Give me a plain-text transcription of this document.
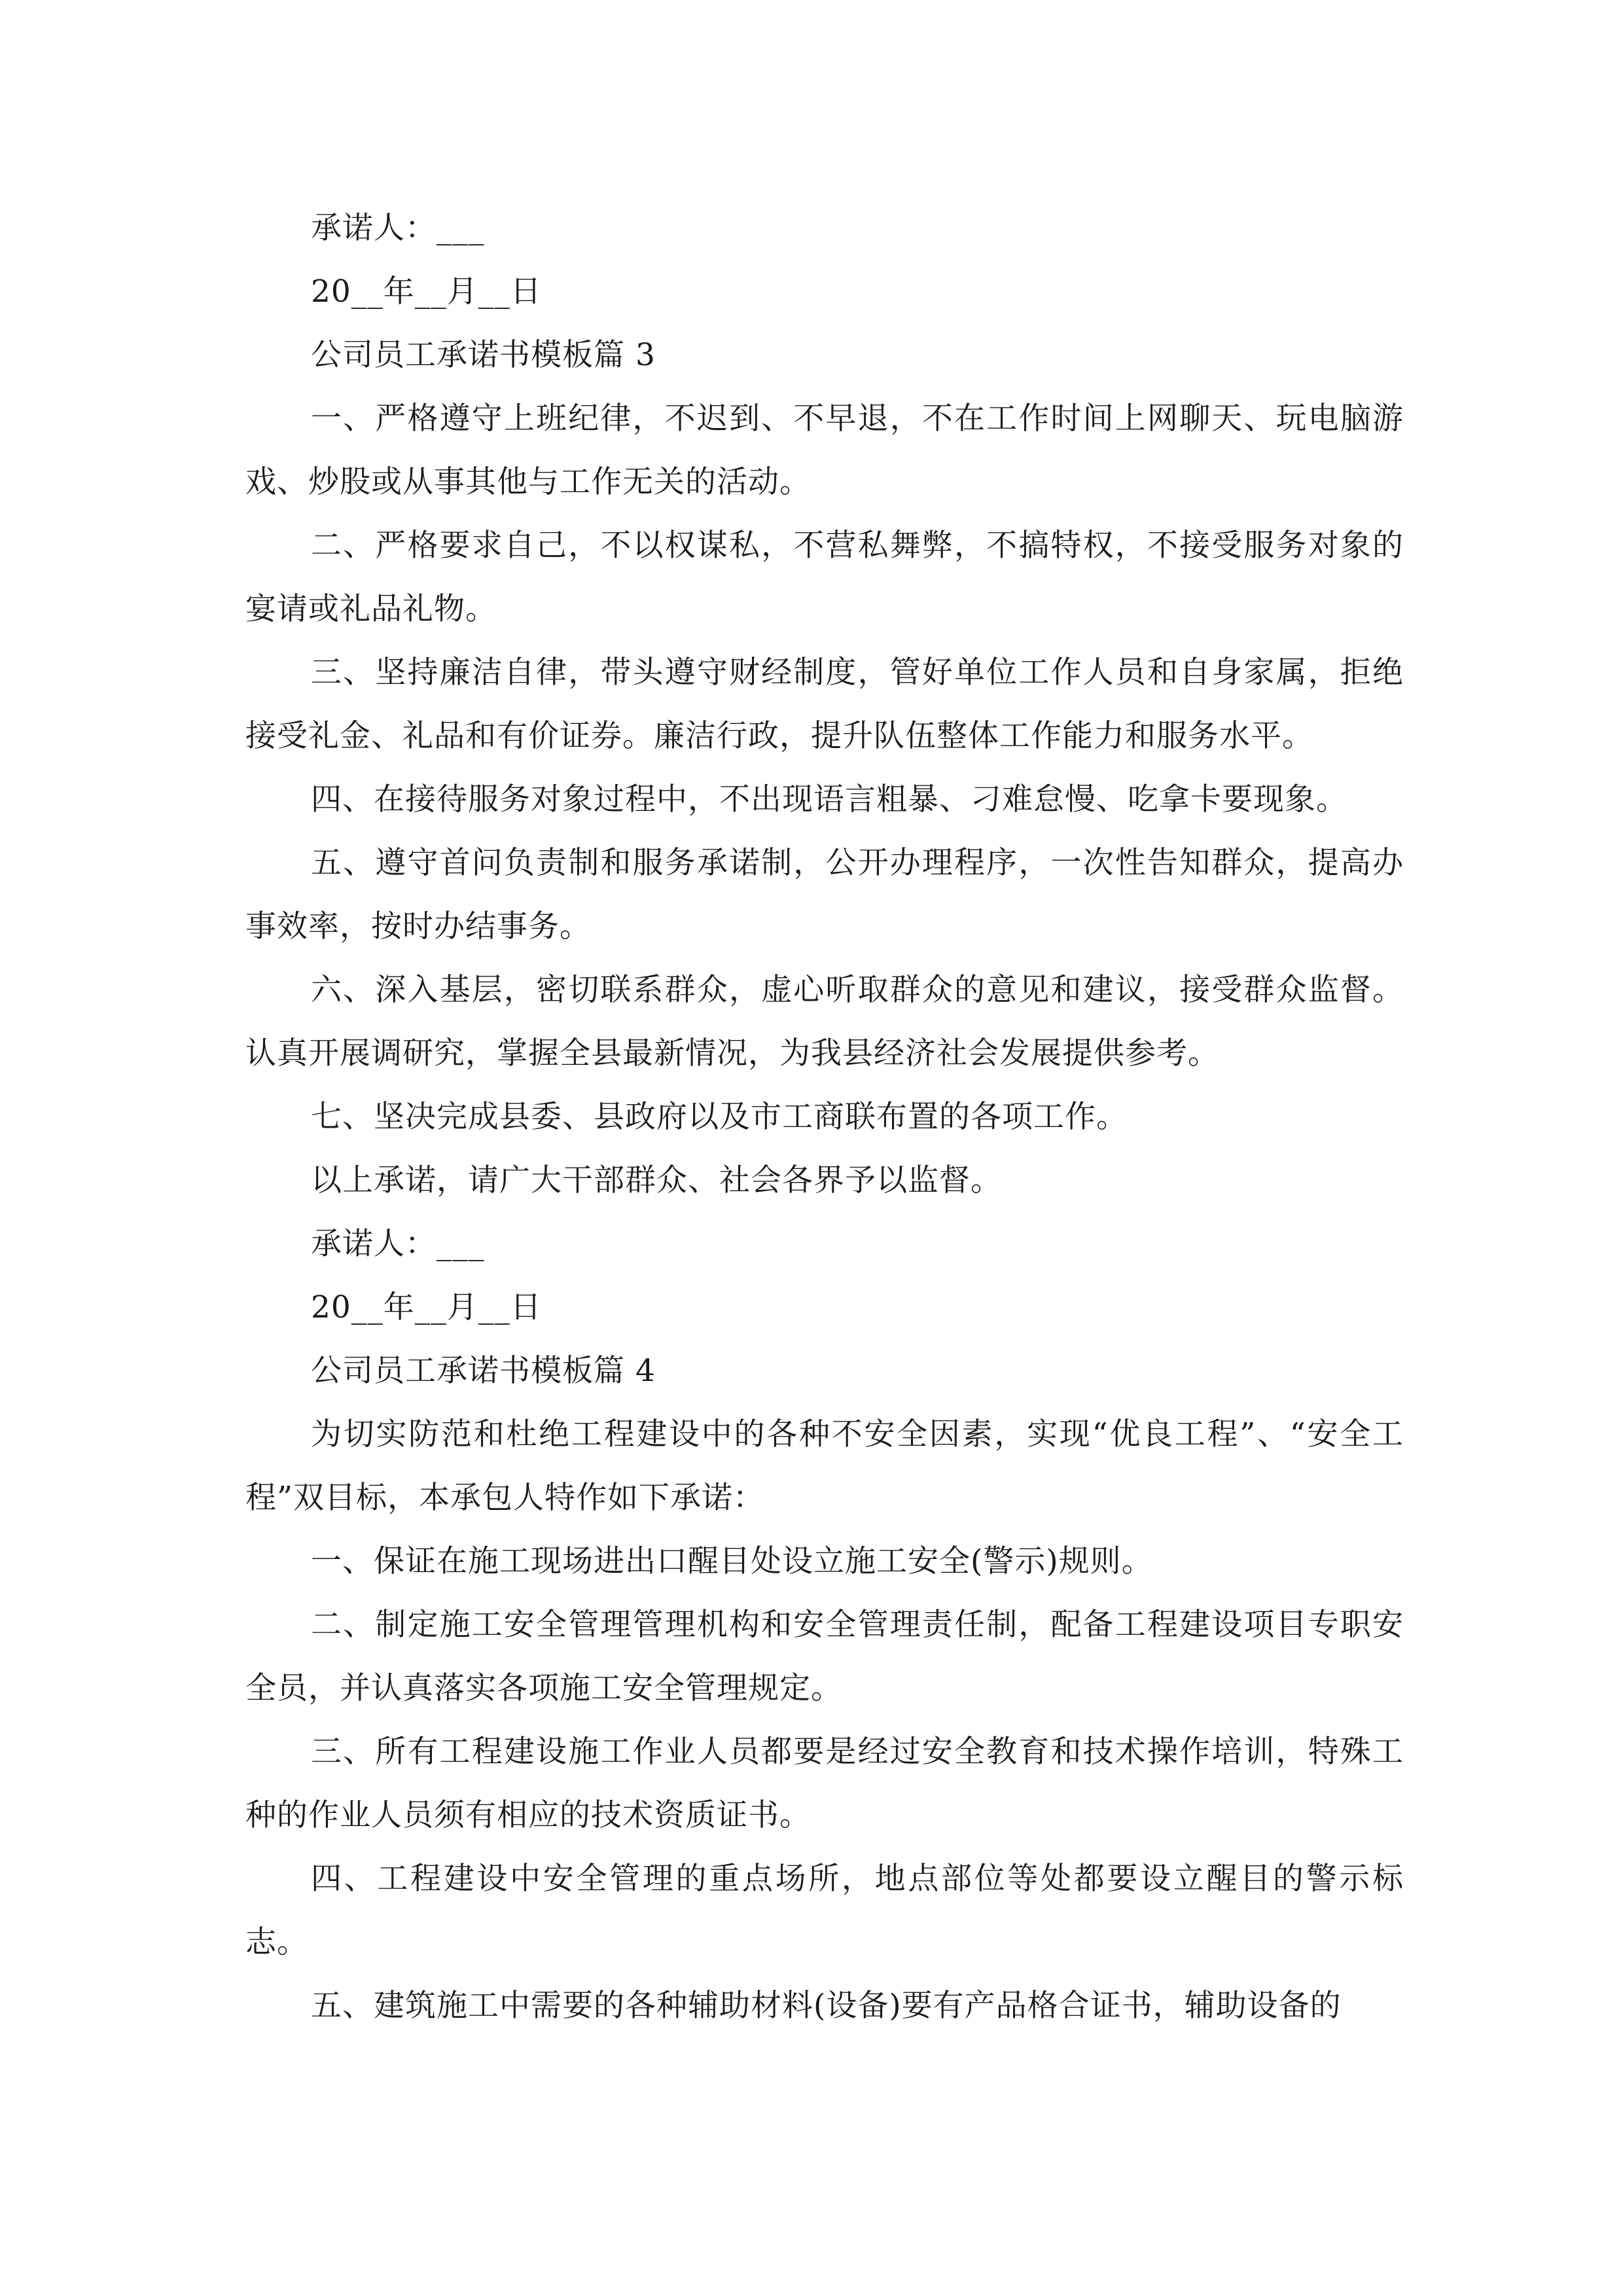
承诺人：___

20__年__月__日

公司员工承诺书模板篇 3

一、严格遵守上班纪律，不迟到、不早退，不在工作时间上网聊天、玩电脑游戏、炒股或从事其他与工作无关的活动。

二、严格要求自己，不以权谋私，不营私舞弊，不搞特权，不接受服务对象的宴请或礼品礼物。

三、坚持廉洁自律，带头遵守财经制度，管好单位工作人员和自身家属，拒绝接受礼金、礼品和有价证券。廉洁行政，提升队伍整体工作能力和服务水平。

四、在接待服务对象过程中，不出现语言粗暴、刁难怠慢、吃拿卡要现象。

五、遵守首问负责制和服务承诺制，公开办理程序，一次性告知群众，提高办事效率，按时办结事务。

六、深入基层，密切联系群众，虚心听取群众的意见和建议，接受群众监督。认真开展调研究，掌握全县最新情况，为我县经济社会发展提供参考。

七、坚决完成县委、县政府以及市工商联布置的各项工作。

以上承诺，请广大干部群众、社会各界予以监督。

承诺人：___

20__年__月__日

公司员工承诺书模板篇 4

为切实防范和杜绝工程建设中的各种不安全因素，实现“优良工程”、“安全工程”双目标，本承包人特作如下承诺：

一、保证在施工现场进出口醒目处设立施工安全(警示)规则。

二、制定施工安全管理管理机构和安全管理责任制，配备工程建设项目专职安全员，并认真落实各项施工安全管理规定。

三、所有工程建设施工作业人员都要是经过安全教育和技术操作培训，特殊工种的作业人员须有相应的技术资质证书。

四、工程建设中安全管理的重点场所，地点部位等处都要设立醒目的警示标志。

五、建筑施工中需要的各种辅助材料(设备)要有产品格合证书，辅助设备的
